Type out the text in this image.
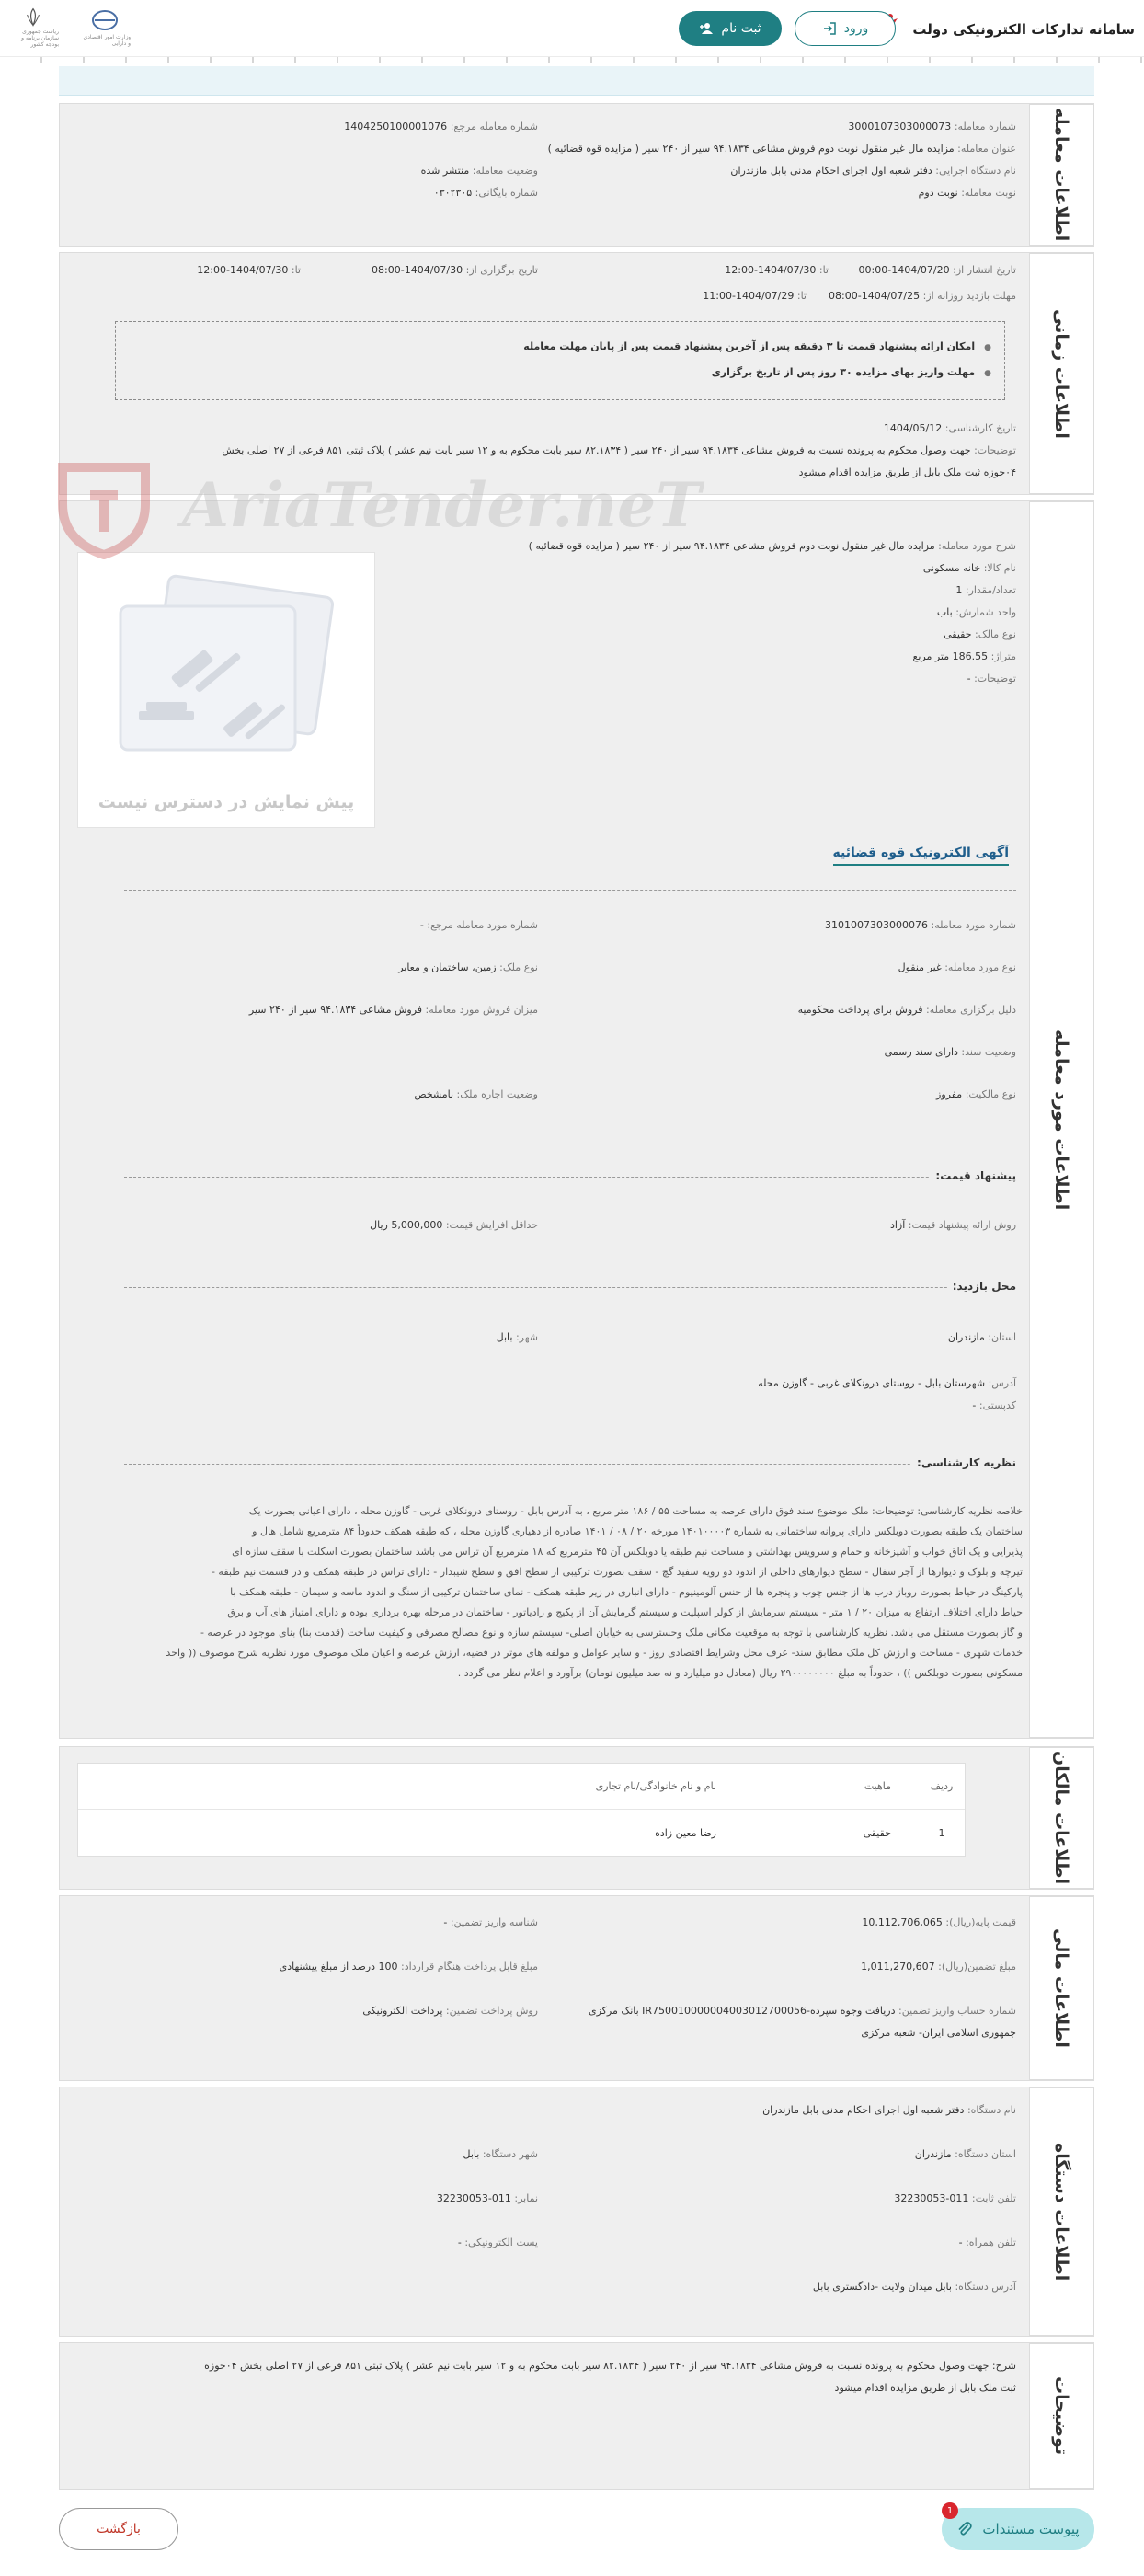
سامانه تدارکات الکترونیکی دولت
ورود
ثبت نام
وزارت امور اقتصادی و دارایی
ریاست جمهوری سازمان برنامه و بودجه کشور
اطلاعات معامله
شماره معامله:3000107303000073
شماره معامله مرجع:1404250100001076
عنوان معامله:مزایده مال غیر منقول نوبت دوم فروش مشاعی ۹۴.۱۸۳۴ سیر از ۲۴۰ سیر ( مزایده قوه قضائیه )
نام دستگاه اجرایی:دفتر شعبه اول اجرای احکام مدنی بابل مازندران
وضعیت معامله:منتشر شده
نوبت معامله:نوبت دوم
شماره بایگانی:۰۳۰۲۳۰۵
اطلاعات زمانی
تاریخ انتشار از:1404/07/20-00:00
تا:1404/07/30-12:00
تاریخ برگزاری از:1404/07/30-08:00
تا:1404/07/30-12:00
مهلت بازدید روزانه از:1404/07/25-08:00
تا:1404/07/29-11:00
● امکان ارائه پیشنهاد قیمت تا ۳ دقیقه پس از آخرین پیشنهاد قیمت پس از پایان مهلت معامله
● مهلت واریز بهای مزایده ۳۰ روز پس از تاریخ برگزاری
تاریخ کارشناسی:1404/05/12
توضیحات:جهت وصول محکوم به پرونده نسبت به فروش مشاعی ۹۴.۱۸۳۴ سیر از ۲۴۰ سیر ( ۸۲.۱۸۳۴ سیر بابت محکوم به و ۱۲ سیر بابت نیم عشر ) پلاک ثبتی ۸۵۱ فرعی از ۲۷ اصلی بخش
۰۴حوزه ثبت ملک بابل از طریق مزایده اقدام میشود
اطلاعات مورد معامله
شرح مورد معامله:مزایده مال غیر منقول نوبت دوم فروش مشاعی ۹۴.۱۸۳۴ سیر از ۲۴۰ سیر ( مزایده قوه قضائیه )
نام کالا:خانه مسکونی
تعداد/مقدار:1
واحد شمارش:باب
نوع مالک:حقیقی
متراژ:186.55 متر مربع
توضیحات:-
آگهی الکترونیک قوه قضائیه
شماره مورد معامله:3101007303000076
شماره مورد معامله مرجع:-
نوع مورد معامله:غیر منقول
نوع ملک:زمین، ساختمان و معابر
دلیل برگزاری معامله:فروش برای پرداخت محکومیه
میزان فروش مورد معامله:فروش مشاعی ۹۴.۱۸۳۴ سیر از ۲۴۰ سیر
وضعیت سند:دارای سند رسمی
نوع مالکیت:مفروز
وضعیت اجاره ملک:نامشخص
پیشنهاد قیمت:
روش ارائه پیشنهاد قیمت:آزاد
حداقل افزایش قیمت:5,000,000 ریال
محل بازدید:
استان:مازندران
شهر:بابل
آدرس:شهرستان بابل - روستای درونکلای غربی - گاوزن محله
کدپستی:-
نظریه کارشناسی:
پیش نمایش در دسترس نیست
AriaTender.neT
خلاصه نظریه کارشناسی: توضیحات: ملک موضوع سند فوق دارای عرصه به مساحت ۵۵ / ۱۸۶ متر مربع ، به آدرس بابل - روستای درونکلای غربی - گاوزن محله ، دارای اعیانی بصورت یک
ساختمان یک طبقه بصورت دوبلکس دارای پروانه ساختمانی به شماره ۱۴۰۱۰۰۰۰۳ مورخه ۲۰ / ۰۸ / ۱۴۰۱ صادره از دهیاری گاوزن محله ، که طبقه همکف حدوداً ۸۴ مترمربع شامل هال و
پذیرایی و یک اتاق خواب و آشپزخانه و حمام و سرویس بهداشتی و مساحت نیم طبقه یا دوبلکس آن ۴۵ مترمربع که ۱۸ مترمربع آن تراس می باشد ساختمان بصورت اسکلت با سقف سازه ای
تیرچه و بلوک و دیوارها از آجر سفال - سطح دیوارهای داخلی از اندود دو رویه سفید گچ - سقف بصورت ترکیبی از سطح افق و سطح شیبدار - دارای تراس در طبقه همکف و در قسمت نیم طبقه -
پارکینگ در حیاط بصورت روباز درب ها از جنس چوب و پنجره ها از جنس آلومینیوم - دارای انباری در زیر طبقه همکف - نمای ساختمان ترکیبی از سنگ و اندود ماسه و سیمان - طبقه همکف با
حیاط دارای اختلاف ارتفاع به میزان ۲۰ / ۱ متر - سیستم سرمایش از کولر اسپلیت و سیستم گرمایش آن از پکیج و رادیاتور - ساختمان در مرحله بهره برداری بوده و دارای امتیاز های آب و برق
و گاز بصورت مستقل می باشد. نظریه کارشناسی با توجه به موقعیت مکانی ملک وحسترسی به خیابان اصلی- سیستم سازه و نوع مصالح مصرفی و کیفیت ساخت (قدمت بنا) بنای موجود در عرصه -
خدمات شهری - مساحت و ارزش کل ملک مطابق سند- عرف محل وشرایط اقتصادی روز - و سایر عوامل و مولفه های موثر در قضیه، ارزش عرصه و اعیان ملک موصوف مورد نظریه شرح موصوف (( واحد
مسکونی بصورت دوبلکس )) ، حدوداً به مبلغ ۲۹۰۰۰۰۰۰۰۰ ریال (معادل دو میلیارد و نه صد میلیون تومان) برآورد و اعلام نظر می گردد .
اطلاعات مالکان
ردیف
ماهیت
نام و نام خانوادگی/نام تجاری
1
حقیقی
رضا معین زاده
اطلاعات مالی
قیمت پایه(ریال):10,112,706,065
شناسه واریز تضمین:-
مبلغ تضمین(ریال):1,011,270,607
مبلغ قابل پرداخت هنگام قرارداد:100 درصد از مبلغ پیشنهادی
شماره حساب واریز تضمین:دریافت وجوه سپرده-IR750010000004003012700056 بانک مرکزی
جمهوری اسلامی ایران- شعبه مرکزی
روش پرداخت تضمین:پرداخت الکترونیکی
اطلاعات دستگاه
نام دستگاه:دفتر شعبه اول اجرای احکام مدنی بابل مازندران
استان دستگاه:مازندران
شهر دستگاه:بابل
تلفن ثابت:011-32230053
نمابر:011-32230053
تلفن همراه:-
پست الکترونیکی:-
آدرس دستگاه:بابل میدان ولایت -دادگستری بابل
توضیحات
شرح: جهت وصول محکوم به پرونده نسبت به فروش مشاعی ۹۴.۱۸۳۴ سیر از ۲۴۰ سیر ( ۸۲.۱۸۳۴ سیر بابت محکوم به و ۱۲ سیر بابت نیم عشر ) پلاک ثبتی ۸۵۱ فرعی از ۲۷ اصلی بخش ۰۴حوزه
ثبت ملک بابل از طریق مزایده اقدام میشود
پیوست مستندات
1
بازگشت
